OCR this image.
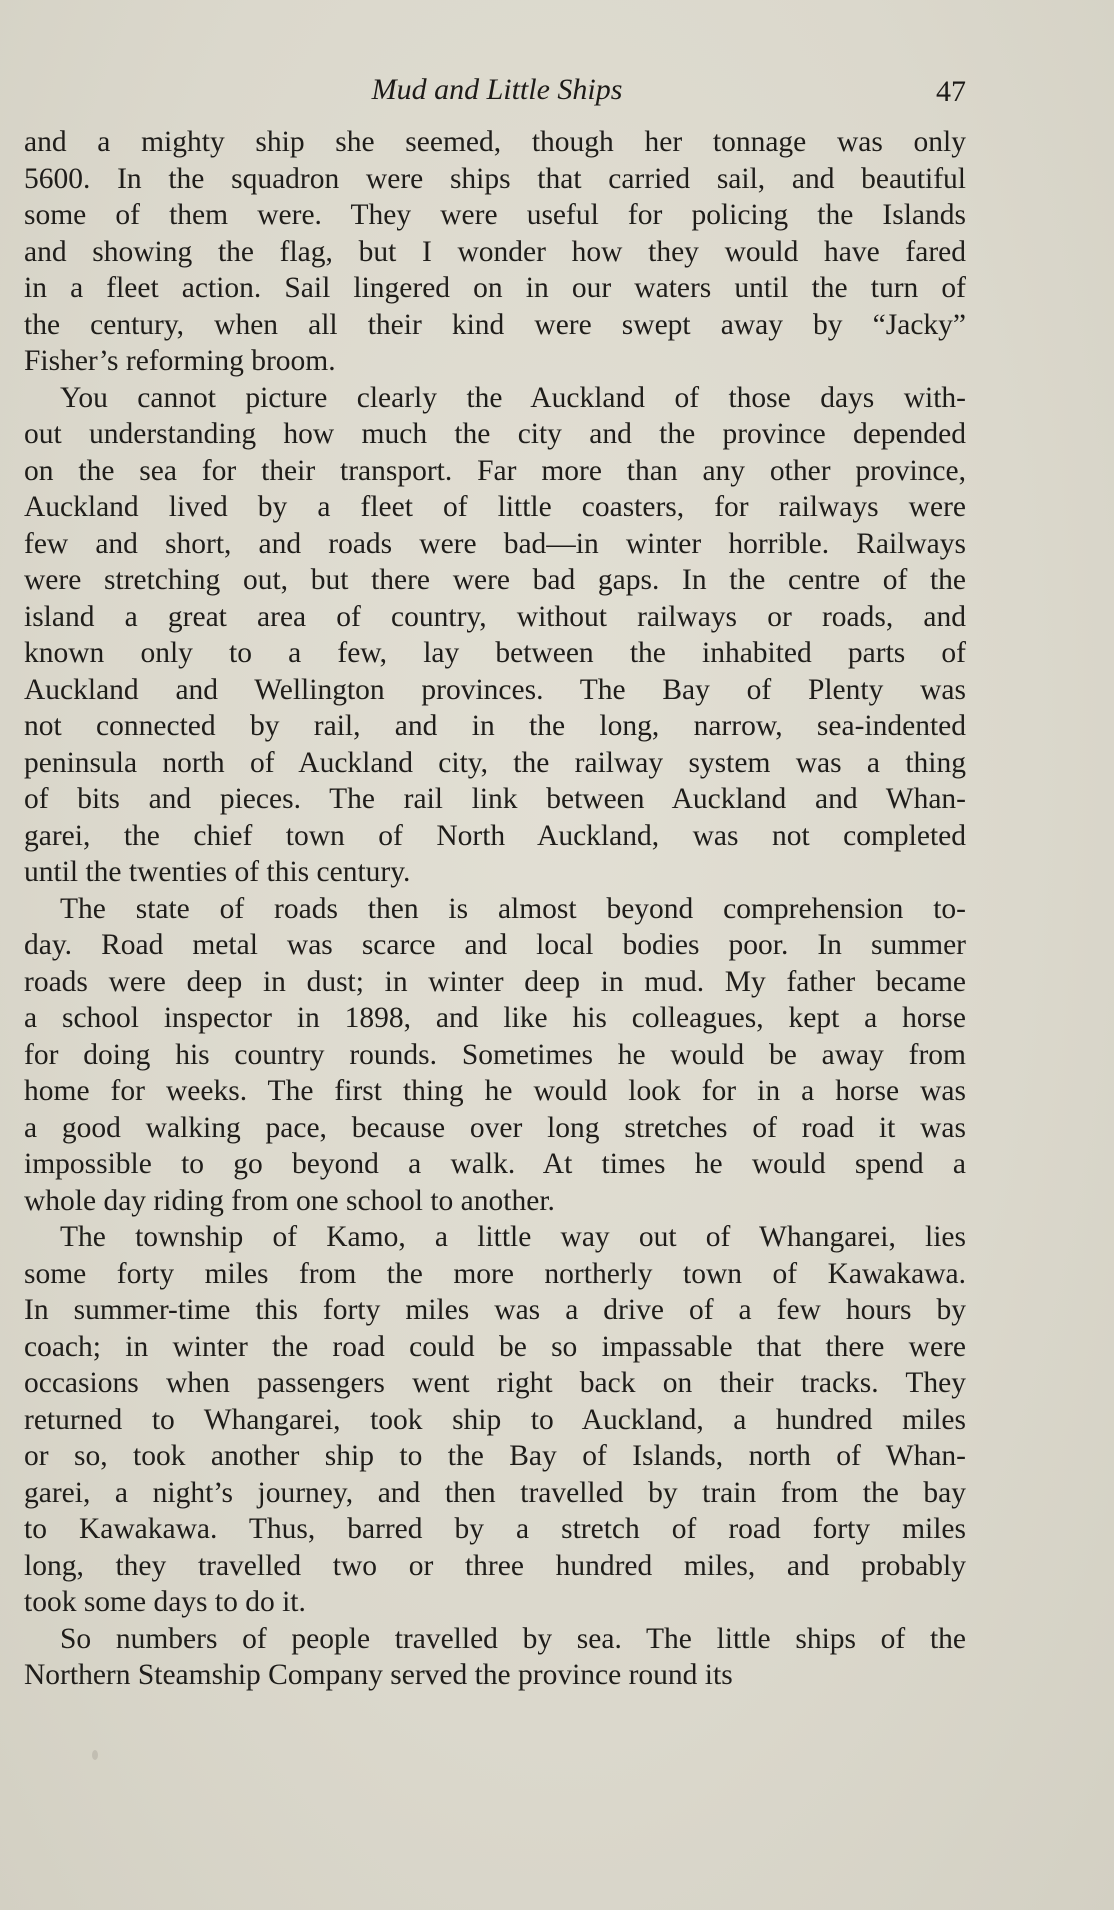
Mud and Little Ships	47
and a mighty ship she seemed, though her tonnage was only
5600. In the squadron were ships that carried sail, and beautiful
some of them were. They were useful for policing the Islands
and showing the flag, but I wonder how they would have fared
in a fleet action. Sail lingered on in our waters until the turn of
the century, when all their kind were swept away by “Jacky”
Fisher’s reforming broom.
You cannot picture clearly the Auckland of those days with-
out understanding how much the city and the province depended
on the sea for their transport. Far more than any other province,
Auckland lived by a fleet of little coasters, for railways were
few and short, and roads were bad—in winter horrible. Railways
were stretching out, but there were bad gaps. In the centre of the
island a great area of country, without railways or roads, and
known only to a few, lay between the inhabited parts of
Auckland and Wellington provinces. The Bay of Plenty was
not connected by rail, and in the long, narrow, sea-indented
peninsula north of Auckland city, the railway system was a thing
of bits and pieces. The rail link between Auckland and Whan-
garei, the chief town of North Auckland, was not completed
until the twenties of this century.
The state of roads then is almost beyond comprehension to-
day. Road metal was scarce and local bodies poor. In summer
roads were deep in dust; in winter deep in mud. My father became
a school inspector in 1898, and like his colleagues, kept a horse
for doing his country rounds. Sometimes he would be away from
home for weeks. The first thing he would look for in a horse was
a good walking pace, because over long stretches of road it was
impossible to go beyond a walk. At times he would spend a
whole day riding from one school to another.
The township of Kamo, a little way out of Whangarei, lies
some forty miles from the more northerly town of Kawakawa.
In summer-time this forty miles was a drive of a few hours by
coach; in winter the road could be so impassable that there were
occasions when passengers went right back on their tracks. They
returned to Whangarei, took ship to Auckland, a hundred miles
or so, took another ship to the Bay of Islands, north of Whan-
garei, a night’s journey, and then travelled by train from the bay
to Kawakawa. Thus, barred by a stretch of road forty miles
long, they travelled two or three hundred miles, and probably
took some days to do it.
So numbers of people travelled by sea. The little ships of the
Northern Steamship Company served the province round its
